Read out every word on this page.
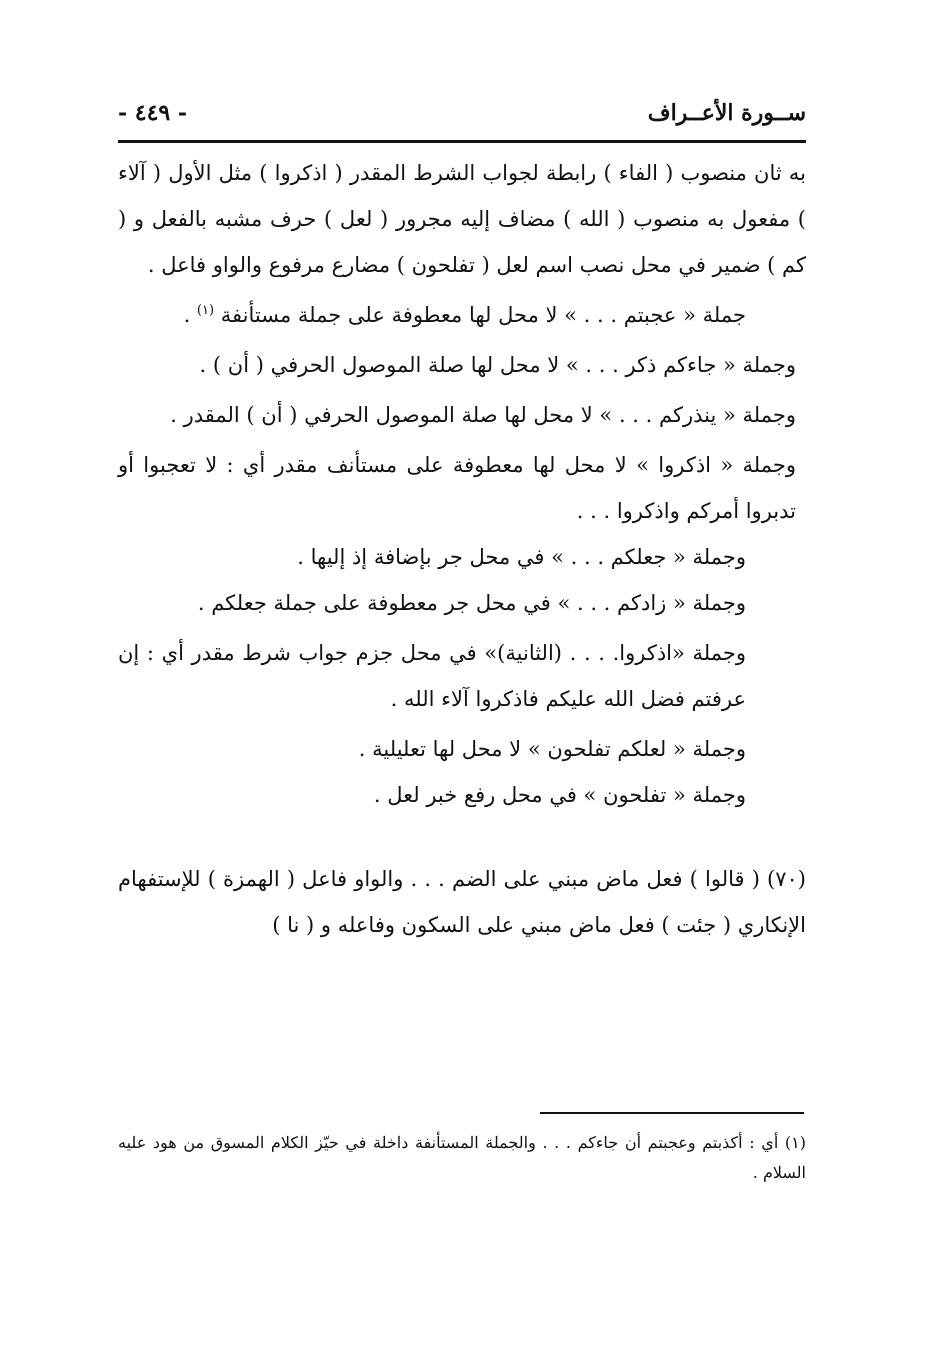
ســورة الأعــراف
- ٤٤٩ -

به ثان منصوب ( الفاء ) رابطة لجواب الشرط المقدر ( اذكروا ) مثل الأول ( آلاء ) مفعول به منصوب ( الله ) مضاف إليه مجرور ( لعل ) حرف مشبه بالفعل و ( كم ) ضمير في محل نصب اسم لعل ( تفلحون ) مضارع مرفوع والواو فاعل .

جملة « عجبتم . . . » لا محل لها معطوفة على جملة مستأنفة $^{(١)}$ .

وجملة « جاءكم ذكر . . . » لا محل لها صلة الموصول الحرفي ( أن ) .

وجملة « ينذركم . . . » لا محل لها صلة الموصول الحرفي ( أن ) المقدر .

وجملة « اذكروا » لا محل لها معطوفة على مستأنف مقدر أي : لا تعجبوا أو تدبروا أمركم واذكروا . . .

وجملة « جعلكم . . . » في محل جر بإضافة إذ إليها .

وجملة « زادكم . . . » في محل جر معطوفة على جملة جعلكم .

وجملة «اذكروا. . . . (الثانية)» في محل جزم جواب شرط مقدر أي : إن عرفتم فضل الله عليكم فاذكروا آلاء الله .

وجملة « لعلكم تفلحون » لا محل لها تعليلية .

وجملة « تفلحون » في محل رفع خبر لعل .

(٧٠) ( قالوا ) فعل ماض مبني على الضم . . . والواو فاعل ( الهمزة ) للإستفهام الإنكاري ( جئت ) فعل ماض مبني على السكون وفاعله و ( نا )

(١) أي : أكذبتم وعجبتم أن جاءكم . . . والجملة المستأنفة داخلة في حيّز الكلام المسوق من هود عليه السلام .
